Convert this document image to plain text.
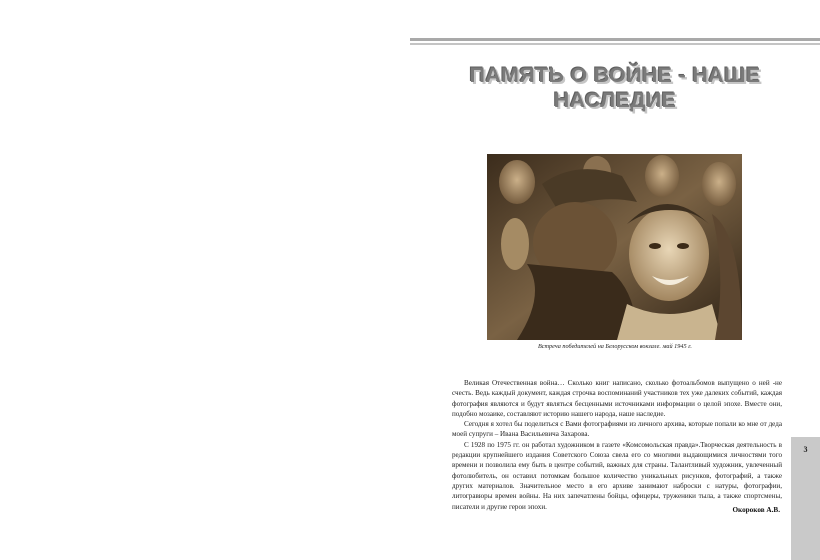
ПАМЯТЬ О ВОЙНЕ - НАШЕ
НАСЛЕДИЕ

Встреча победителей на Белорусском вокзале. май 1945 г.

Великая Отечественная война… Сколько книг написано, сколько фотоальбомов выпущено о ней -не счесть. Ведь каждый документ, каждая строчка воспоминаний участников тех уже далеких событий, каждая фотография являются и будут являться бесценными источниками информации о целой эпохе. Вместе они, подобно мозаике, составляют историю нашего народа, наше наследие.

Сегодня я хотел бы поделиться с Вами фотографиями из личного архива, которые попали ко мне от деда моей супруги – Ивана Васильевича Захарова.

С 1928 по 1975 гг. он работал художником в газете «Комсомольская правда».Творческая деятельность в редакции крупнейшего издания Советского Союза свела его со многими выдающимися личностями того времени и позволила ему быть в центре событий, важных для страны. Талантливый художник, увлеченный фотолюбитель, он оставил потомкам большое количество уникальных рисунков, фотографий, а также других материалов. Значительное место в его архиве занимают наброски с натуры, фотографии, литогравюры времен войны. На них запечатлены бойцы, офицеры, труженики тыла, а также спортсмены, писатели и другие герои эпохи.	Окороков А.В.

3
